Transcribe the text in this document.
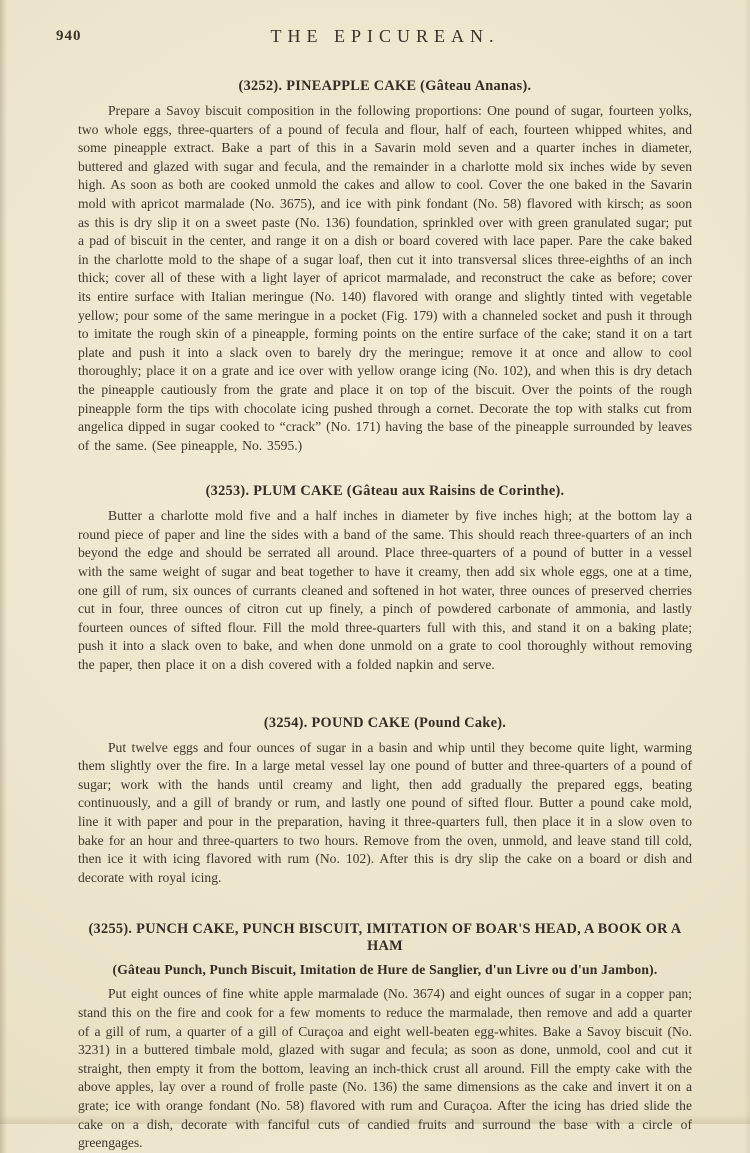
940	THE EPICUREAN.
(3252). PINEAPPLE CAKE (Gâteau Ananas).

Prepare a Savoy biscuit composition in the following proportions: One pound of sugar, fourteen yolks, two whole eggs, three-quarters of a pound of fecula and flour, half of each, fourteen whipped whites, and some pineapple extract. Bake a part of this in a Savarin mold seven and a quarter inches in diameter, buttered and glazed with sugar and fecula, and the remainder in a charlotte mold six inches wide by seven high. As soon as both are cooked unmold the cakes and allow to cool. Cover the one baked in the Savarin mold with apricot marmalade (No. 3675), and ice with pink fondant (No. 58) flavored with kirsch; as soon as this is dry slip it on a sweet paste (No. 136) foundation, sprinkled over with green granulated sugar; put a pad of biscuit in the center, and range it on a dish or board covered with lace paper. Pare the cake baked in the charlotte mold to the shape of a sugar loaf, then cut it into transversal slices three-eighths of an inch thick; cover all of these with a light layer of apricot marmalade, and reconstruct the cake as before; cover its entire surface with Italian meringue (No. 140) flavored with orange and slightly tinted with vegetable yellow; pour some of the same meringue in a pocket (Fig. 179) with a channeled socket and push it through to imitate the rough skin of a pineapple, forming points on the entire surface of the cake; stand it on a tart plate and push it into a slack oven to barely dry the meringue; remove it at once and allow to cool thoroughly; place it on a grate and ice over with yellow orange icing (No. 102), and when this is dry detach the pineapple cautiously from the grate and place it on top of the biscuit. Over the points of the rough pineapple form the tips with chocolate icing pushed through a cornet. Decorate the top with stalks cut from angelica dipped in sugar cooked to “crack” (No. 171) having the base of the pineapple surrounded by leaves of the same. (See pineapple, No. 3595.)

(3253). PLUM CAKE (Gâteau aux Raisins de Corinthe).

Butter a charlotte mold five and a half inches in diameter by five inches high; at the bottom lay a round piece of paper and line the sides with a band of the same. This should reach three-quarters of an inch beyond the edge and should be serrated all around. Place three-quarters of a pound of butter in a vessel with the same weight of sugar and beat together to have it creamy, then add six whole eggs, one at a time, one gill of rum, six ounces of currants cleaned and softened in hot water, three ounces of preserved cherries cut in four, three ounces of citron cut up finely, a pinch of powdered carbonate of ammonia, and lastly fourteen ounces of sifted flour. Fill the mold three-quarters full with this, and stand it on a baking plate; push it into a slack oven to bake, and when done unmold on a grate to cool thoroughly without removing the paper, then place it on a dish covered with a folded napkin and serve.

(3254). POUND CAKE (Pound Cake).

Put twelve eggs and four ounces of sugar in a basin and whip until they become quite light, warming them slightly over the fire. In a large metal vessel lay one pound of butter and three-quarters of a pound of sugar; work with the hands until creamy and light, then add gradually the prepared eggs, beating continuously, and a gill of brandy or rum, and lastly one pound of sifted flour. Butter a pound cake mold, line it with paper and pour in the preparation, having it three-quarters full, then place it in a slow oven to bake for an hour and three-quarters to two hours. Remove from the oven, unmold, and leave stand till cold, then ice it with icing flavored with rum (No. 102). After this is dry slip the cake on a board or dish and decorate with royal icing.

(3255). PUNCH CAKE, PUNCH BISCUIT, IMITATION OF BOAR'S HEAD, A BOOK OR A HAM
(Gâteau Punch, Punch Biscuit, Imitation de Hure de Sanglier, d'un Livre ou d'un Jambon).

Put eight ounces of fine white apple marmalade (No. 3674) and eight ounces of sugar in a copper pan; stand this on the fire and cook for a few moments to reduce the marmalade, then remove and add a quarter of a gill of rum, a quarter of a gill of Curaçoa and eight well-beaten egg-whites. Bake a Savoy biscuit (No. 3231) in a buttered timbale mold, glazed with sugar and fecula; as soon as done, unmold, cool and cut it straight, then empty it from the bottom, leaving an inch-thick crust all around. Fill the empty cake with the above apples, lay over a round of frolle paste (No. 136) the same dimensions as the cake and invert it on a grate; ice with orange fondant (No. 58) flavored with rum and Curaçoa. After the icing has dried slide the cake on a dish, decorate with fanciful cuts of candied fruits and surround the base with a circle of greengages.
